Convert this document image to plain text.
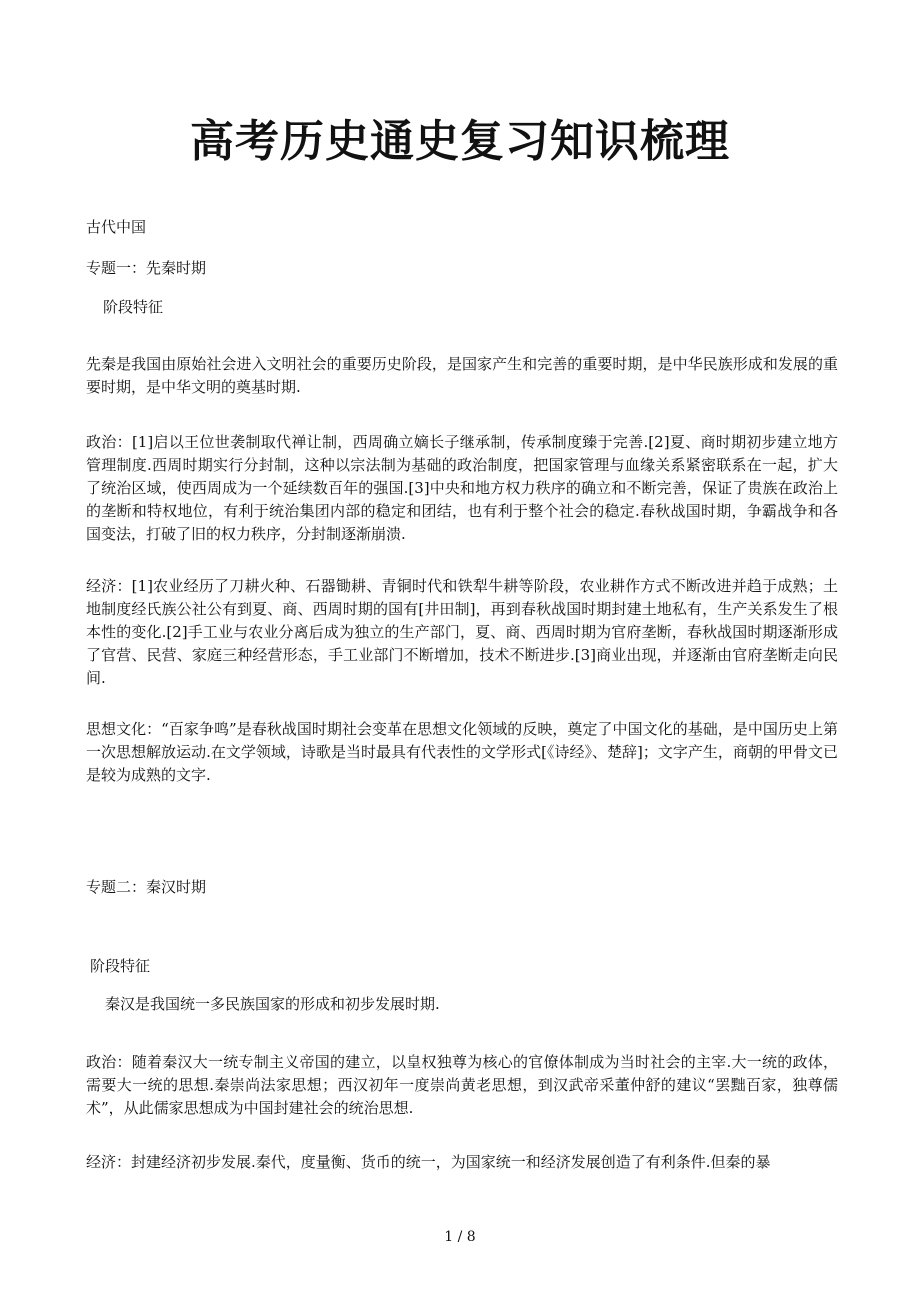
高考历史通史复习知识梳理
古代中国
专题一：先秦时期
阶段特征
先秦是我国由原始社会进入文明社会的重要历史阶段，是国家产生和完善的重要时期，是中华民族形成和发展的重要时期，是中华文明的奠基时期.
政治：[1]启以王位世袭制取代禅让制，西周确立嫡长子继承制，传承制度臻于完善.[2]夏、商时期初步建立地方管理制度.西周时期实行分封制，这种以宗法制为基础的政治制度，把国家管理与血缘关系紧密联系在一起，扩大了统治区域，使西周成为一个延续数百年的强国.[3]中央和地方权力秩序的确立和不断完善，保证了贵族在政治上的垄断和特权地位，有利于统治集团内部的稳定和团结，也有利于整个社会的稳定.春秋战国时期，争霸战争和各国变法，打破了旧的权力秩序，分封制逐渐崩溃.
经济：[1]农业经历了刀耕火种、石器锄耕、青铜时代和铁犁牛耕等阶段，农业耕作方式不断改进并趋于成熟；土地制度经氏族公社公有到夏、商、西周时期的国有[井田制]，再到春秋战国时期封建土地私有，生产关系发生了根本性的变化.[2]手工业与农业分离后成为独立的生产部门，夏、商、西周时期为官府垄断，春秋战国时期逐渐形成了官营、民营、家庭三种经营形态，手工业部门不断增加，技术不断进步.[3]商业出现，并逐渐由官府垄断走向民间.
思想文化：“百家争鸣”是春秋战国时期社会变革在思想文化领域的反映，奠定了中国文化的基础，是中国历史上第一次思想解放运动.在文学领域，诗歌是当时最具有代表性的文学形式[《诗经》、楚辞]；文字产生，商朝的甲骨文已是较为成熟的文字.
专题二：秦汉时期
阶段特征
秦汉是我国统一多民族国家的形成和初步发展时期.
政治：随着秦汉大一统专制主义帝国的建立，以皇权独尊为核心的官僚体制成为当时社会的主宰.大一统的政体，需要大一统的思想.秦崇尚法家思想；西汉初年一度崇尚黄老思想，到汉武帝采董仲舒的建议“罢黜百家，独尊儒术”，从此儒家思想成为中国封建社会的统治思想.
经济：封建经济初步发展.秦代，度量衡、货币的统一，为国家统一和经济发展创造了有利条件.但秦的暴
1 / 8
